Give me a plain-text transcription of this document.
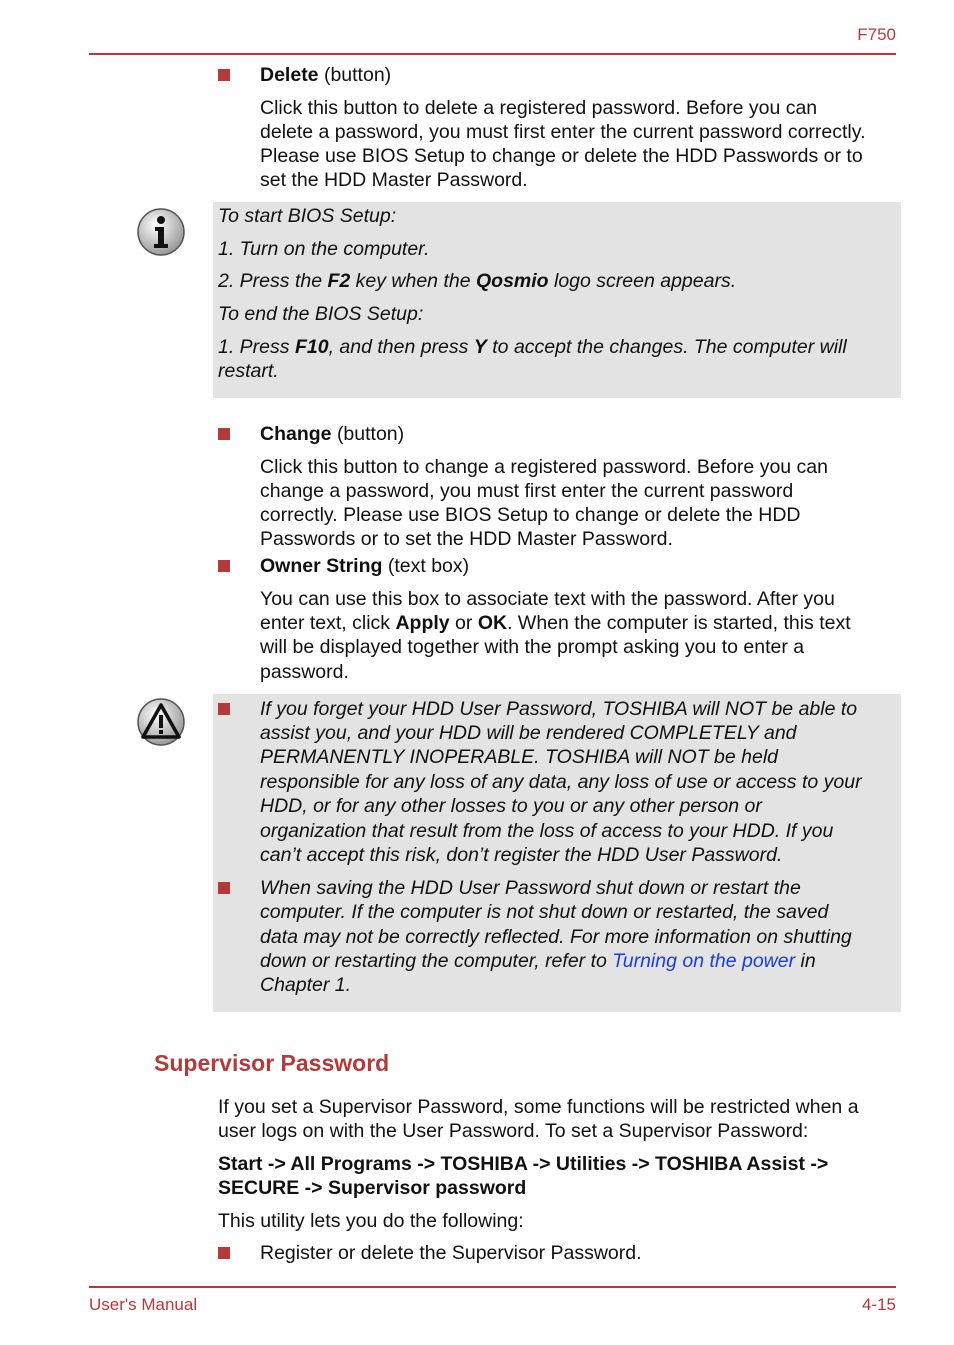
F750
Delete (button)
Click this button to delete a registered password. Before you can
delete a password, you must first enter the current password correctly.
Please use BIOS Setup to change or delete the HDD Passwords or to
set the HDD Master Password.
To start BIOS Setup:
1. Turn on the computer.
2. Press the F2 key when the Qosmio logo screen appears.
To end the BIOS Setup:
1. Press F10, and then press Y to accept the changes. The computer will
restart.
Change (button)
Click this button to change a registered password. Before you can
change a password, you must first enter the current password
correctly. Please use BIOS Setup to change or delete the HDD
Passwords or to set the HDD Master Password.
Owner String (text box)
You can use this box to associate text with the password. After you
enter text, click Apply or OK. When the computer is started, this text
will be displayed together with the prompt asking you to enter a
password.
If you forget your HDD User Password, TOSHIBA will NOT be able to
assist you, and your HDD will be rendered COMPLETELY and
PERMANENTLY INOPERABLE. TOSHIBA will NOT be held
responsible for any loss of any data, any loss of use or access to your
HDD, or for any other losses to you or any other person or
organization that result from the loss of access to your HDD. If you
can’t accept this risk, don’t register the HDD User Password.
When saving the HDD User Password shut down or restart the
computer. If the computer is not shut down or restarted, the saved
data may not be correctly reflected. For more information on shutting
down or restarting the computer, refer to Turning on the power in
Chapter 1.
Supervisor Password
If you set a Supervisor Password, some functions will be restricted when a
user logs on with the User Password. To set a Supervisor Password:
Start -> All Programs -> TOSHIBA -> Utilities -> TOSHIBA Assist ->
SECURE -> Supervisor password
This utility lets you do the following:
Register or delete the Supervisor Password.
User's Manual	4-15
